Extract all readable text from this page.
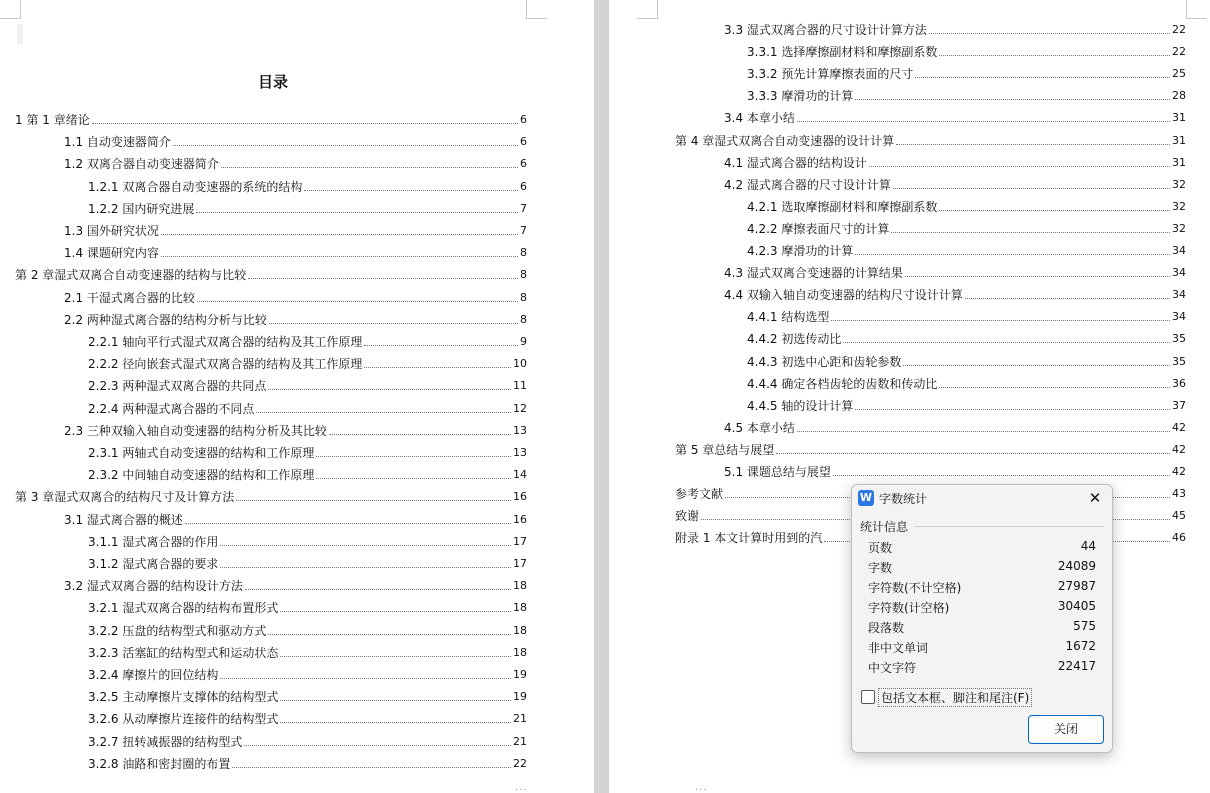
目录
1 第 1 章绪论	6
1.1 自动变速器简介	6
1.2 双离合器自动变速器简介	6
1.2.1 双离合器自动变速器的系统的结构	6
1.2.2 国内研究进展	7
1.3 国外研究状况	7
1.4 课题研究内容	8
第 2 章湿式双离合自动变速器的结构与比较	8
2.1 干湿式离合器的比较	8
2.2 两种湿式离合器的结构分析与比较	8
2.2.1 轴向平行式湿式双离合器的结构及其工作原理	9
2.2.2 径向嵌套式湿式双离合器的结构及其工作原理	10
2.2.3 两种湿式双离合器的共同点	11
2.2.4 两种湿式离合器的不同点	12
2.3 三种双输入轴自动变速器的结构分析及其比较	13
2.3.1 两轴式自动变速器的结构和工作原理	13
2.3.2 中间轴自动变速器的结构和工作原理	14
第 3 章湿式双离合的结构尺寸及计算方法	16
3.1 湿式离合器的概述	16
3.1.1 湿式离合器的作用	17
3.1.2 湿式离合器的要求	17
3.2 湿式双离合器的结构设计方法	18
3.2.1 湿式双离合器的结构布置形式	18
3.2.2 压盘的结构型式和驱动方式	18
3.2.3 活塞缸的结构型式和运动状态	18
3.2.4 摩擦片的回位结构	19
3.2.5 主动摩擦片支撑体的结构型式	19
3.2.6 从动摩擦片连接件的结构型式	21
3.2.7 扭转减振器的结构型式	21
3.2.8 油路和密封圈的布置	22
...
3.3 湿式双离合器的尺寸设计计算方法	22
3.3.1 选择摩擦副材料和摩擦副系数	22
3.3.2 预先计算摩擦表面的尺寸	25
3.3.3 摩滑功的计算	28
3.4 本章小结	31
第 4 章湿式双离合自动变速器的设计计算	31
4.1 湿式离合器的结构设计	31
4.2 湿式离合器的尺寸设计计算	32
4.2.1 选取摩擦副材料和摩擦副系数	32
4.2.2 摩擦表面尺寸的计算	32
4.2.3 摩滑功的计算	34
4.3 湿式双离合变速器的计算结果	34
4.4 双输入轴自动变速器的结构尺寸设计计算	34
4.4.1 结构选型	34
4.4.2 初选传动比	35
4.4.3 初选中心距和齿轮参数	35
4.4.4 确定各档齿轮的齿数和传动比	36
4.4.5 轴的设计计算	37
4.5 本章小结	42
第 5 章总结与展望	42
5.1 课题总结与展望	42
参考文献	43
致谢	45
附录 1 本文计算时用到的汽	46
...
W 字数统计	✕
统计信息
页数	44
字数	24089
字符数(不计空格)	27987
字符数(计空格)	30405
段落数	575
非中文单词	1672
中文字符	22417
包括文本框、脚注和尾注(F)
关闭
